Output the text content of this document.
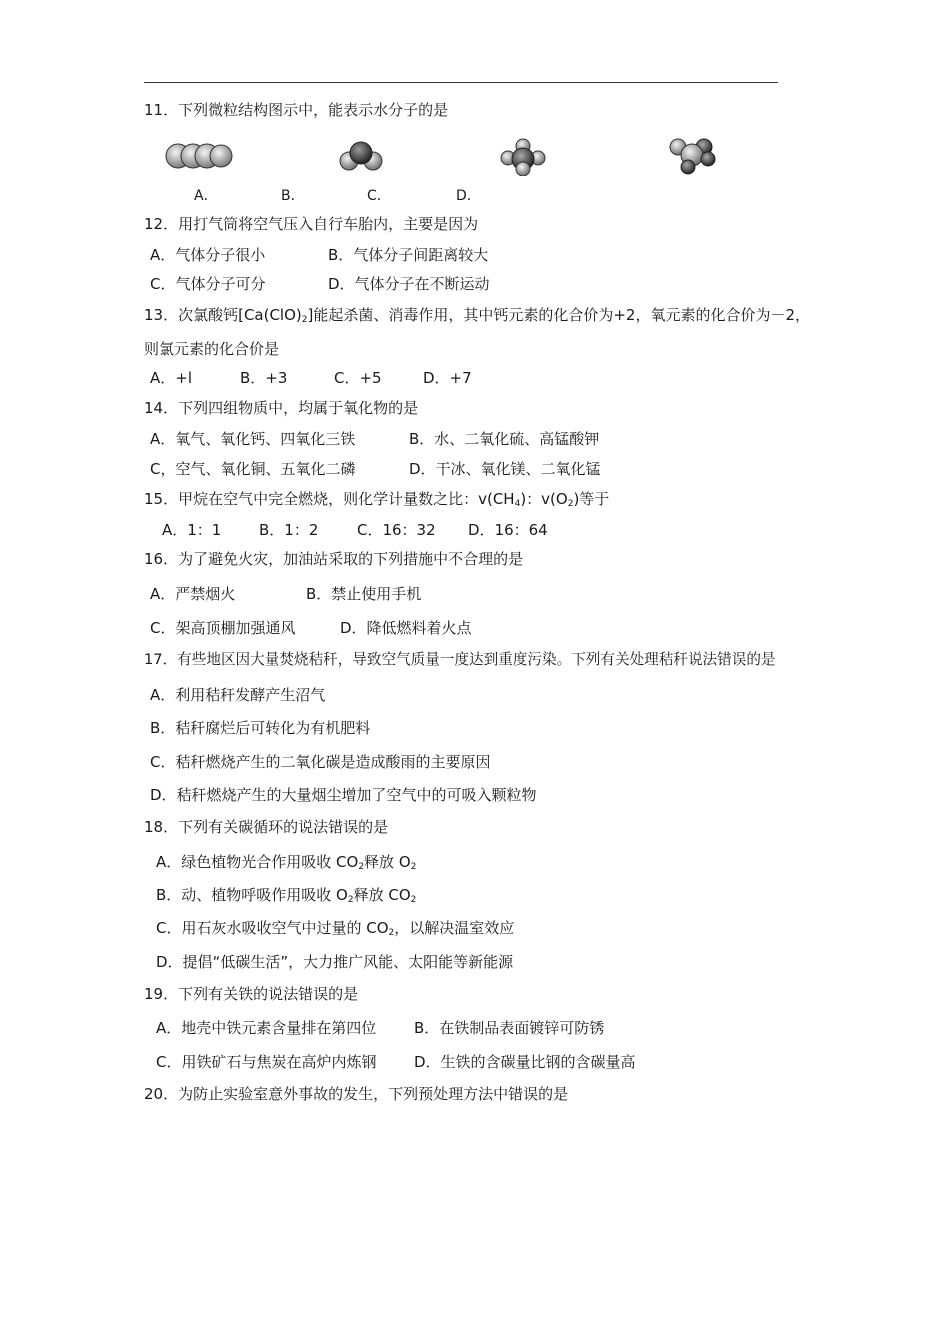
11．下列微粒结构图示中，能表示水分子的是
A．	B．	C．	D．
12．用打气筒将空气压入自行车胎内，主要是因为
A．气体分子很小	B．气体分子间距离较大
C．气体分子可分	D．气体分子在不断运动
13．次氯酸钙$[Ca(ClO)_2]$能起杀菌、消毒作用，其中钙元素的化合价为+2，氧元素的化合价为－2，
则氯元素的化合价是
A．+l	B．+3	C．+5	D．+7
14．下列四组物质中，均属于氧化物的是
A．氧气、氧化钙、四氧化三铁	B．水、二氧化硫、高锰酸钾
C，空气、氧化铜、五氧化二磷	D．干冰、氧化镁、二氧化锰
15．甲烷在空气中完全燃烧，则化学计量数之比：$v(CH_4)$：$v(O_2)$等于
A．1：1	B．1：2	C．16：32 D．16：64
16．为了避免火灾，加油站采取的下列措施中不合理的是
A．严禁烟火	B．禁止使用手机
C．架高顶棚加强通风	D．降低燃料着火点
17．有些地区因大量焚烧秸秆，导致空气质量一度达到重度污染。下列有关处理秸秆说法错误的是
A．利用秸秆发酵产生沼气
B．秸秆腐烂后可转化为有机肥料
C．秸秆燃烧产生的二氧化碳是造成酸雨的主要原因
D．秸秆燃烧产生的大量烟尘增加了空气中的可吸入颗粒物
18．下列有关碳循环的说法错误的是
A．绿色植物光合作用吸收 $CO_2$释放 $O_2$
B．动、植物呼吸作用吸收 $O_2$释放 $CO_2$
C．用石灰水吸收空气中过量的 $CO_2$，以解决温室效应
D．提倡“低碳生活”，大力推广风能、太阳能等新能源
19．下列有关铁的说法错误的是
A．地壳中铁元素含量排在第四位	B．在铁制品表面镀锌可防锈
C．用铁矿石与焦炭在高炉内炼钢	D．生铁的含碳量比钢的含碳量高
20．为防止实验室意外事故的发生，下列预处理方法中错误的是
